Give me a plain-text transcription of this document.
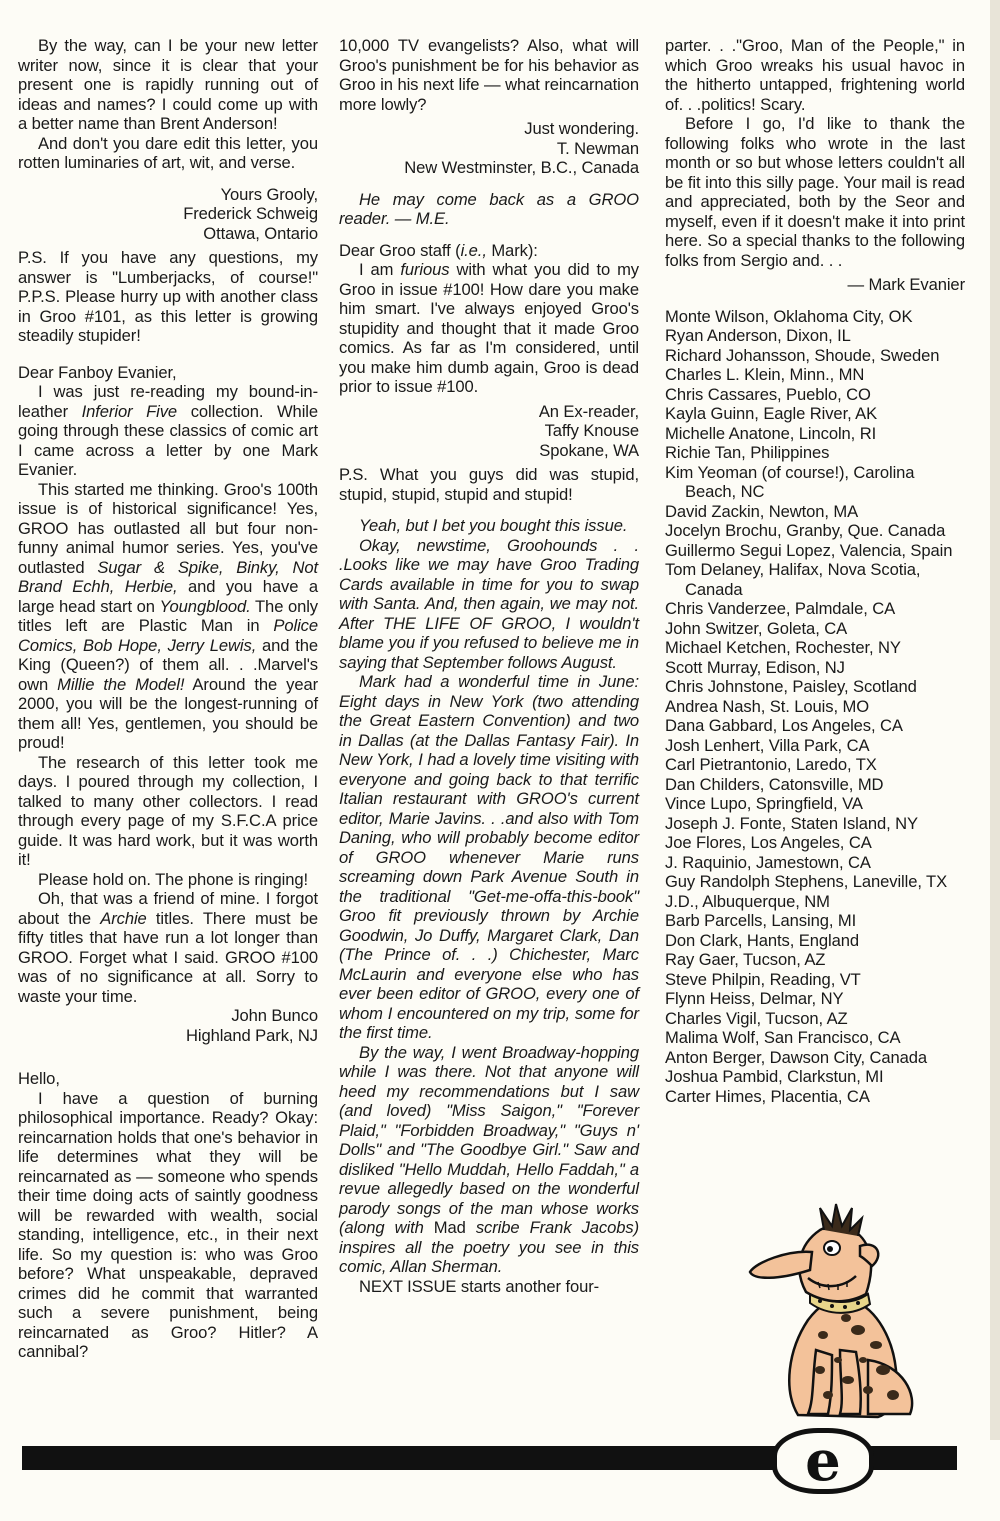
By the way, can I be your new letter writer now, since it is clear that your present one is rapidly running out of ideas and names? I could come up with a better name than Brent Anderson!

And don't you dare edit this letter, you rotten luminaries of art, wit, and verse.

Yours Grooly,

Frederick Schweig

Ottawa, Ontario

P.S. If you have any questions, my answer is "Lumberjacks, of course!" P.P.S. Please hurry up with another class in Groo #101, as this letter is growing steadily stupider!

Dear Fanboy Evanier,

I was just re-reading my bound-in-leather Inferior Five collection. While going through these classics of comic art I came across a letter by one Mark Evanier.

This started me thinking. Groo's 100th issue is of historical significance! Yes, GROO has outlasted all but four non-funny animal humor series. Yes, you've outlasted Sugar & Spike, Binky, Not Brand Echh, Herbie, and you have a large head start on Youngblood. The only titles left are Plastic Man in Police Comics, Bob Hope, Jerry Lewis, and the King (Queen?) of them all. . .Marvel's own Millie the Model! Around the year 2000, you will be the longest-running of them all! Yes, gentlemen, you should be proud!

The research of this letter took me days. I poured through my collection, I talked to many other collectors. I read through every page of my S.F.C.A price guide. It was hard work, but it was worth it!

Please hold on. The phone is ringing!

Oh, that was a friend of mine. I forgot about the Archie titles. There must be fifty titles that have run a lot longer than GROO. Forget what I said. GROO #100 was of no significance at all. Sorry to waste your time.

John Bunco

Highland Park, NJ

Hello,

I have a question of burning philosophical importance. Ready? Okay: reincarnation holds that one's behavior in life determines what they will be reincarnated as — someone who spends their time doing acts of saintly goodness will be rewarded with wealth, social standing, intelligence, etc., in their next life. So my question is: who was Groo before? What unspeakable, depraved crimes did he commit that warranted such a severe punishment, being reincarnated as Groo? Hitler? A cannibal?

10,000 TV evangelists? Also, what will Groo's punishment be for his behavior as Groo in his next life — what reincarnation more lowly?

Just wondering.

T. Newman

New Westminster, B.C., Canada

He may come back as a GROO reader. — M.E.

Dear Groo staff (i.e., Mark):

I am furious with what you did to my Groo in issue #100! How dare you make him smart. I've always enjoyed Groo's stupidity and thought that it made Groo comics. As far as I'm considered, until you make him dumb again, Groo is dead prior to issue #100.

An Ex-reader,

Taffy Knouse

Spokane, WA

P.S. What you guys did was stupid, stupid, stupid, stupid and stupid!

Yeah, but I bet you bought this issue.

Okay, newstime, Groohounds . . .Looks like we may have Groo Trading Cards available in time for you to swap with Santa. And, then again, we may not. After THE LIFE OF GROO, I wouldn't blame you if you refused to believe me in saying that September follows August.

Mark had a wonderful time in June: Eight days in New York (two attending the Great Eastern Convention) and two in Dallas (at the Dallas Fantasy Fair). In New York, I had a lovely time visiting with everyone and going back to that terrific Italian restaurant with GROO's current editor, Marie Javins. . .and also with Tom Daning, who will probably become editor of GROO whenever Marie runs screaming down Park Avenue South in the traditional "Get-me-offa-this-book" Groo fit previously thrown by Archie Goodwin, Jo Duffy, Margaret Clark, Dan (The Prince of. . .) Chichester, Marc McLaurin and everyone else who has ever been editor of GROO, every one of whom I encountered on my trip, some for the first time.

By the way, I went Broadway-hopping while I was there. Not that anyone will heed my recommendations but I saw (and loved) "Miss Saigon," "Forever Plaid," "Forbidden Broadway," "Guys n' Dolls" and "The Goodbye Girl." Saw and disliked "Hello Muddah, Hello Faddah," a revue allegedly based on the wonderful parody songs of the man whose works (along with Mad scribe Frank Jacobs) inspires all the poetry you see in this comic, Allan Sherman.

NEXT ISSUE starts another four-

parter. . ."Groo, Man of the People," in which Groo wreaks his usual havoc in the hitherto untapped, frightening world of. . .politics! Scary.

Before I go, I'd like to thank the following folks who wrote in the last month or so but whose letters couldn't all be fit into this silly page. Your mail is read and appreciated, both by the Seor and myself, even if it doesn't make it into print here. So a special thanks to the following folks from Sergio and. . .

— Mark Evanier

Monte Wilson, Oklahoma City, OK
Ryan Anderson, Dixon, IL
Richard Johansson, Shoude, Sweden
Charles L. Klein, Minn., MN
Chris Cassares, Pueblo, CO
Kayla Guinn, Eagle River, AK
Michelle Anatone, Lincoln, RI
Richie Tan, Philippines
Kim Yeoman (of course!), Carolina Beach, NC
David Zackin, Newton, MA
Jocelyn Brochu, Granby, Que. Canada
Guillermo Segui Lopez, Valencia, Spain
Tom Delaney, Halifax, Nova Scotia, Canada
Chris Vanderzee, Palmdale, CA
John Switzer, Goleta, CA
Michael Ketchen, Rochester, NY
Scott Murray, Edison, NJ
Chris Johnstone, Paisley, Scotland
Andrea Nash, St. Louis, MO
Dana Gabbard, Los Angeles, CA
Josh Lenhert, Villa Park, CA
Carl Pietrantonio, Laredo, TX
Dan Childers, Catonsville, MD
Vince Lupo, Springfield, VA
Joseph J. Fonte, Staten Island, NY
Joe Flores, Los Angeles, CA
J. Raquinio, Jamestown, CA
Guy Randolph Stephens, Laneville, TX
J.D., Albuquerque, NM
Barb Parcells, Lansing, MI
Don Clark, Hants, England
Ray Gaer, Tucson, AZ
Steve Philpin, Reading, VT
Flynn Heiss, Delmar, NY
Charles Vigil, Tucson, AZ
Malima Wolf, San Francisco, CA
Anton Berger, Dawson City, Canada
Joshua Pambid, Clarkstun, MI
Carter Himes, Placentia, CA
e
